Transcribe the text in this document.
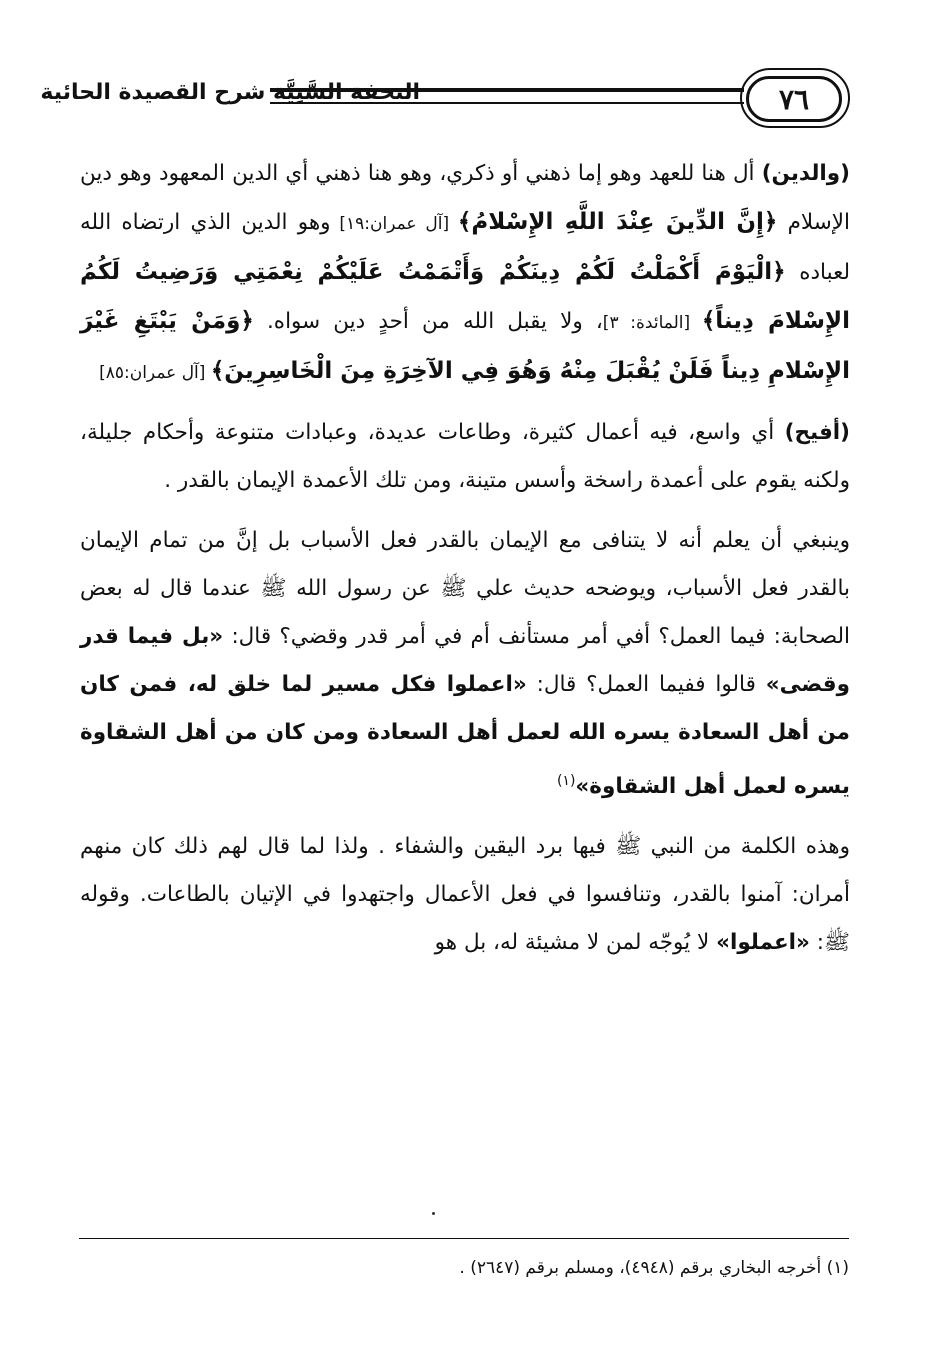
٧٦
التحفة السَّنِيَّة شرح القصيدة الحائية

(والدين) أل هنا للعهد وهو إما ذهني أو ذكري، وهو هنا ذهني أي الدين المعهود وهو دين الإسلام ﴿إِنَّ الدِّينَ عِنْدَ اللَّهِ الإِسْلامُ﴾ [آل عمران:١٩] وهو الدين الذي ارتضاه الله لعباده ﴿الْيَوْمَ أَكْمَلْتُ لَكُمْ دِينَكُمْ وَأَتْمَمْتُ عَلَيْكُمْ نِعْمَتِي وَرَضِيتُ لَكُمُ الإِسْلامَ دِيناً﴾ [المائدة: ٣]، ولا يقبل الله من أحدٍ دين سواه. ﴿وَمَنْ يَبْتَغِ غَيْرَ الإِسْلامِ دِيناً فَلَنْ يُقْبَلَ مِنْهُ وَهُوَ فِي الآخِرَةِ مِنَ الْخَاسِرِينَ﴾ [آل عمران:٨٥]

(أفيح) أي واسع، فيه أعمال كثيرة، وطاعات عديدة، وعبادات متنوعة وأحكام جليلة، ولكنه يقوم على أعمدة راسخة وأسس متينة، ومن تلك الأعمدة الإيمان بالقدر .

وينبغي أن يعلم أنه لا يتنافى مع الإيمان بالقدر فعل الأسباب بل إنَّ من تمام الإيمان بالقدر فعل الأسباب، ويوضحه حديث علي ﷺ عن رسول الله ﷺ عندما قال له بعض الصحابة: فيما العمل؟ أفي أمر مستأنف أم في أمر قدر وقضي؟ قال: «بل فيما قدر وقضى» قالوا ففيما العمل؟ قال: «اعملوا فكل مسير لما خلق له، فمن كان من أهل السعادة يسره الله لعمل أهل السعادة ومن كان من أهل الشقاوة يسره لعمل أهل الشقاوة»$^{(١)}$

وهذه الكلمة من النبي ﷺ فيها برد اليقين والشفاء . ولذا لما قال لهم ذلك كان منهم أمران: آمنوا بالقدر، وتنافسوا في فعل الأعمال واجتهدوا في الإتيان بالطاعات. وقوله ﷺ: «اعملوا» لا يُوجّه لمن لا مشيئة له، بل هو

(١) أخرجه البخاري برقم (٤٩٤٨)، ومسلم برقم (٢٦٤٧) .
